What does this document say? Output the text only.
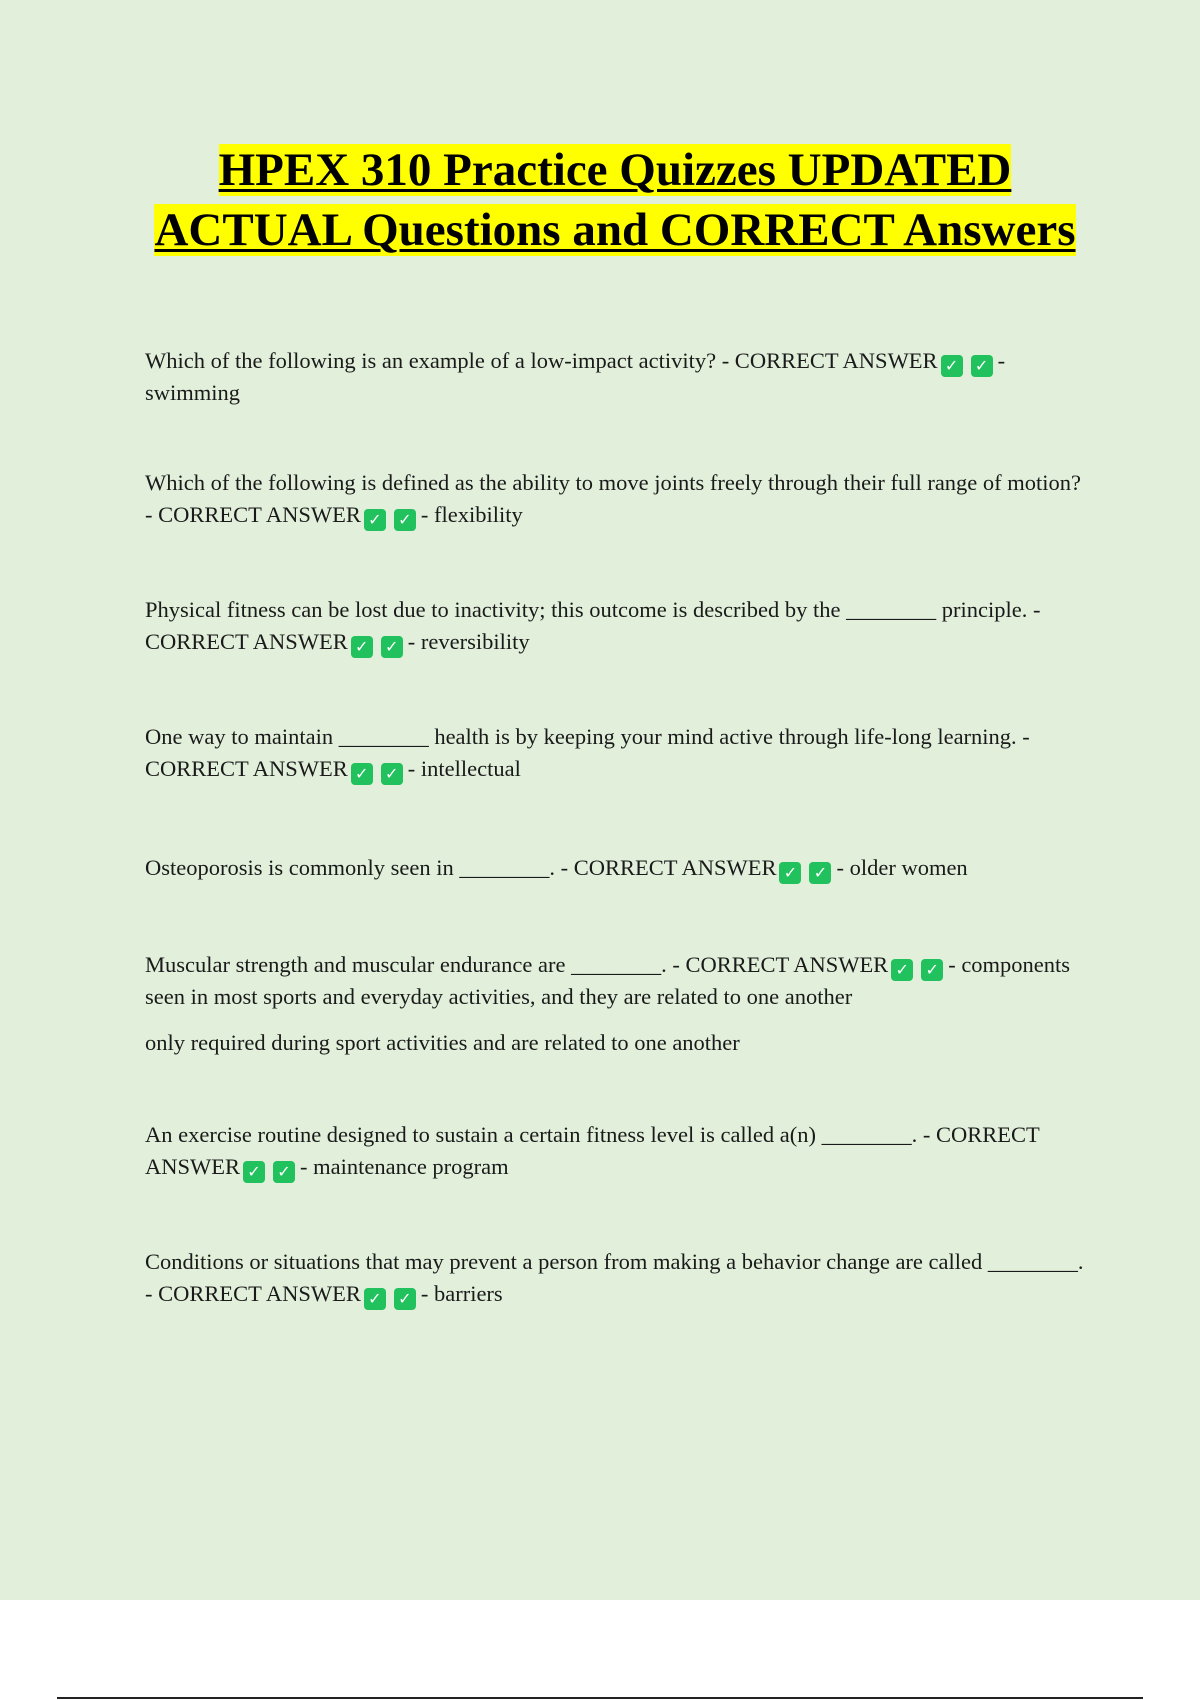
HPEX 310 Practice Quizzes UPDATED ACTUAL Questions and CORRECT Answers
Which of the following is an example of a low-impact activity? - CORRECT ANSWER ✓ ✓ - swimming
Which of the following is defined as the ability to move joints freely through their full range of motion? - CORRECT ANSWER ✓ ✓ - flexibility
Physical fitness can be lost due to inactivity; this outcome is described by the ________ principle. - CORRECT ANSWER ✓ ✓ - reversibility
One way to maintain ________ health is by keeping your mind active through life-long learning. - CORRECT ANSWER ✓ ✓ - intellectual
Osteoporosis is commonly seen in ________. - CORRECT ANSWER ✓ ✓ - older women
Muscular strength and muscular endurance are ________. - CORRECT ANSWER ✓ ✓ - components seen in most sports and everyday activities, and they are related to one another
only required during sport activities and are related to one another
An exercise routine designed to sustain a certain fitness level is called a(n) ________. - CORRECT ANSWER ✓ ✓ - maintenance program
Conditions or situations that may prevent a person from making a behavior change are called ________. - CORRECT ANSWER ✓ ✓ - barriers
